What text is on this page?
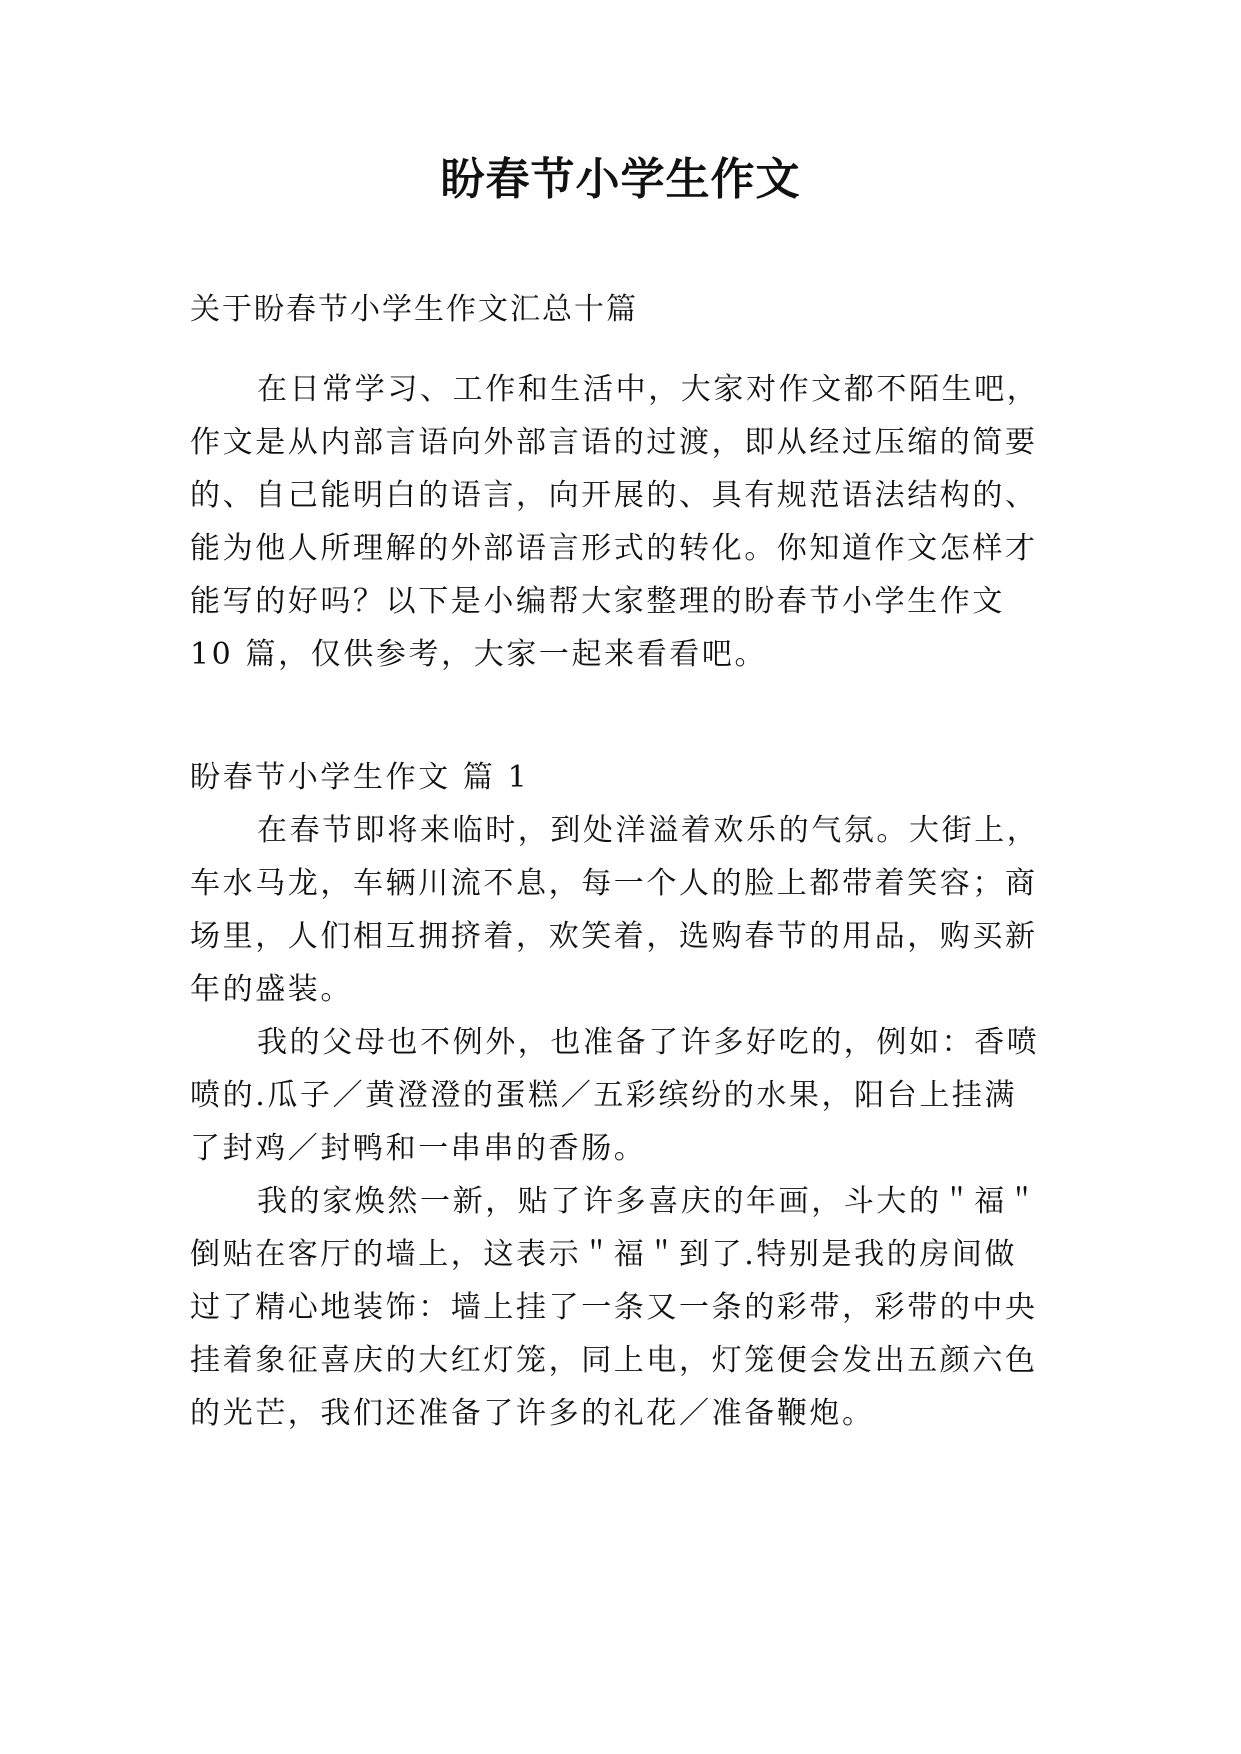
盼春节小学生作文
关于盼春节小学生作文汇总十篇
在日常学习、工作和生活中，大家对作文都不陌生吧，
作文是从内部言语向外部言语的过渡，即从经过压缩的简要
的、自己能明白的语言，向开展的、具有规范语法结构的、
能为他人所理解的外部语言形式的转化。你知道作文怎样才
能写的好吗？以下是小编帮大家整理的盼春节小学生作文
10 篇，仅供参考，大家一起来看看吧。
盼春节小学生作文 篇 1
在春节即将来临时，到处洋溢着欢乐的气氛。大街上，
车水马龙，车辆川流不息，每一个人的脸上都带着笑容；商
场里，人们相互拥挤着，欢笑着，选购春节的用品，购买新
年的盛装。
我的父母也不例外，也准备了许多好吃的，例如：香喷
喷的.瓜子／黄澄澄的蛋糕／五彩缤纷的水果，阳台上挂满
了封鸡／封鸭和一串串的香肠。
我的家焕然一新，贴了许多喜庆的年画，斗大的＂福＂
倒贴在客厅的墙上，这表示＂福＂到了.特别是我的房间做
过了精心地装饰：墙上挂了一条又一条的彩带，彩带的中央
挂着象征喜庆的大红灯笼，同上电，灯笼便会发出五颜六色
的光芒，我们还准备了许多的礼花／准备鞭炮。
